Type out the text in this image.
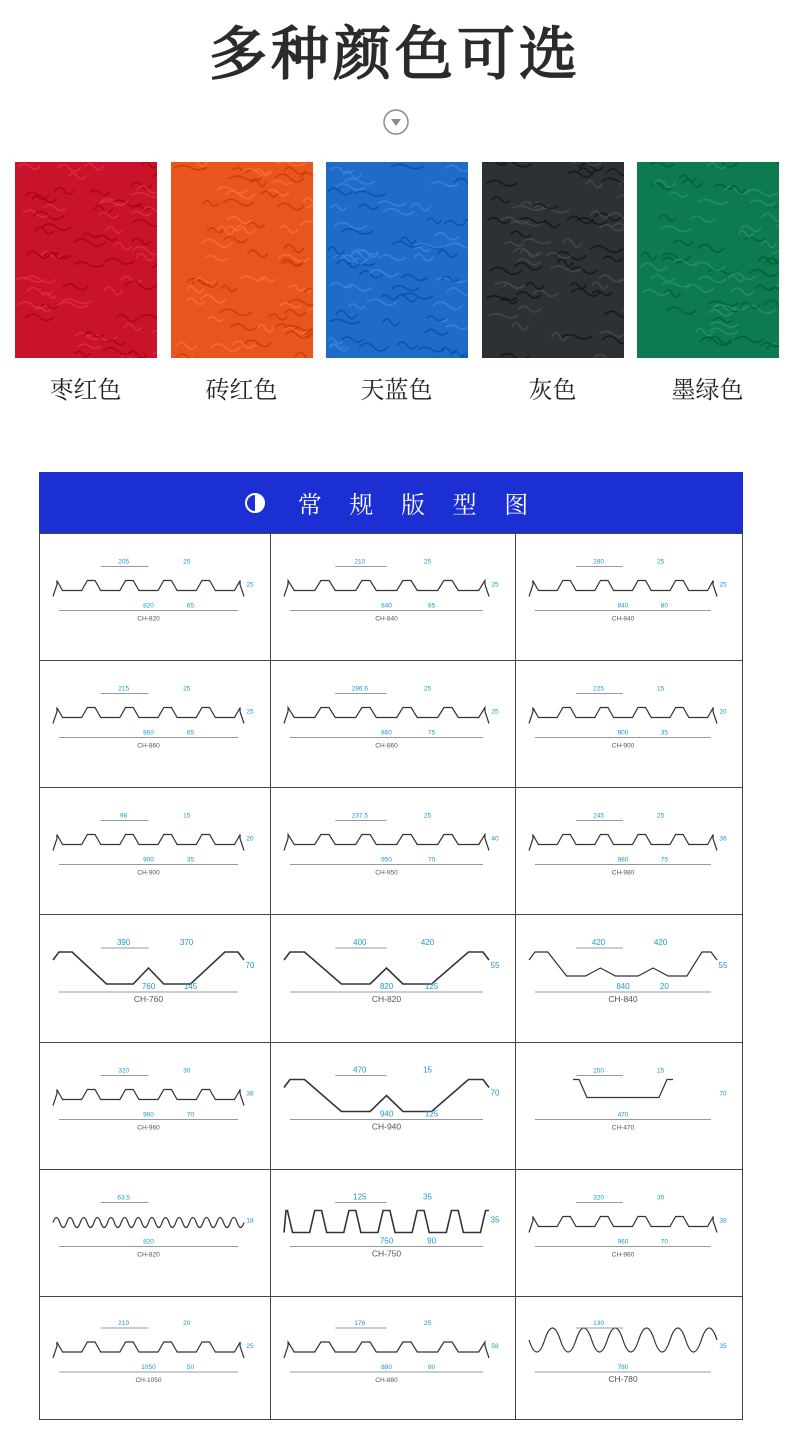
多种颜色可选
枣红色	砖红色	天蓝色	灰色	墨绿色
常 规 版 型 图
205	25
65
820
25
CH-820
210	25
65
840
25
CH-840
280	25
80
840
25
CH-840
215	25
65
860
25
CH-860
286.6	25
75
860
25
CH-860
225	15
35
900
20
CH-900
98	15
35
900
20
CH-900
237.5	25
70
950
40
CH-950
245	25
75
980
36
CH-980
390	370
145
760
70
CH-760
400	420
125
820
55
CH-820
420	420
20
840
55
CH-840
320	30
70
960
38
CH-960
470	15
125
940
70
CH-940
250	15
470
70
CH-470
63.5
820
18
CH-820
125	35
90
750
35
CH-750
320	30
70
960
38
CH-960
210	20
50
1050
25
CH-1050
176	25
80
880
58
CH-880
130
780
35
CH-780
